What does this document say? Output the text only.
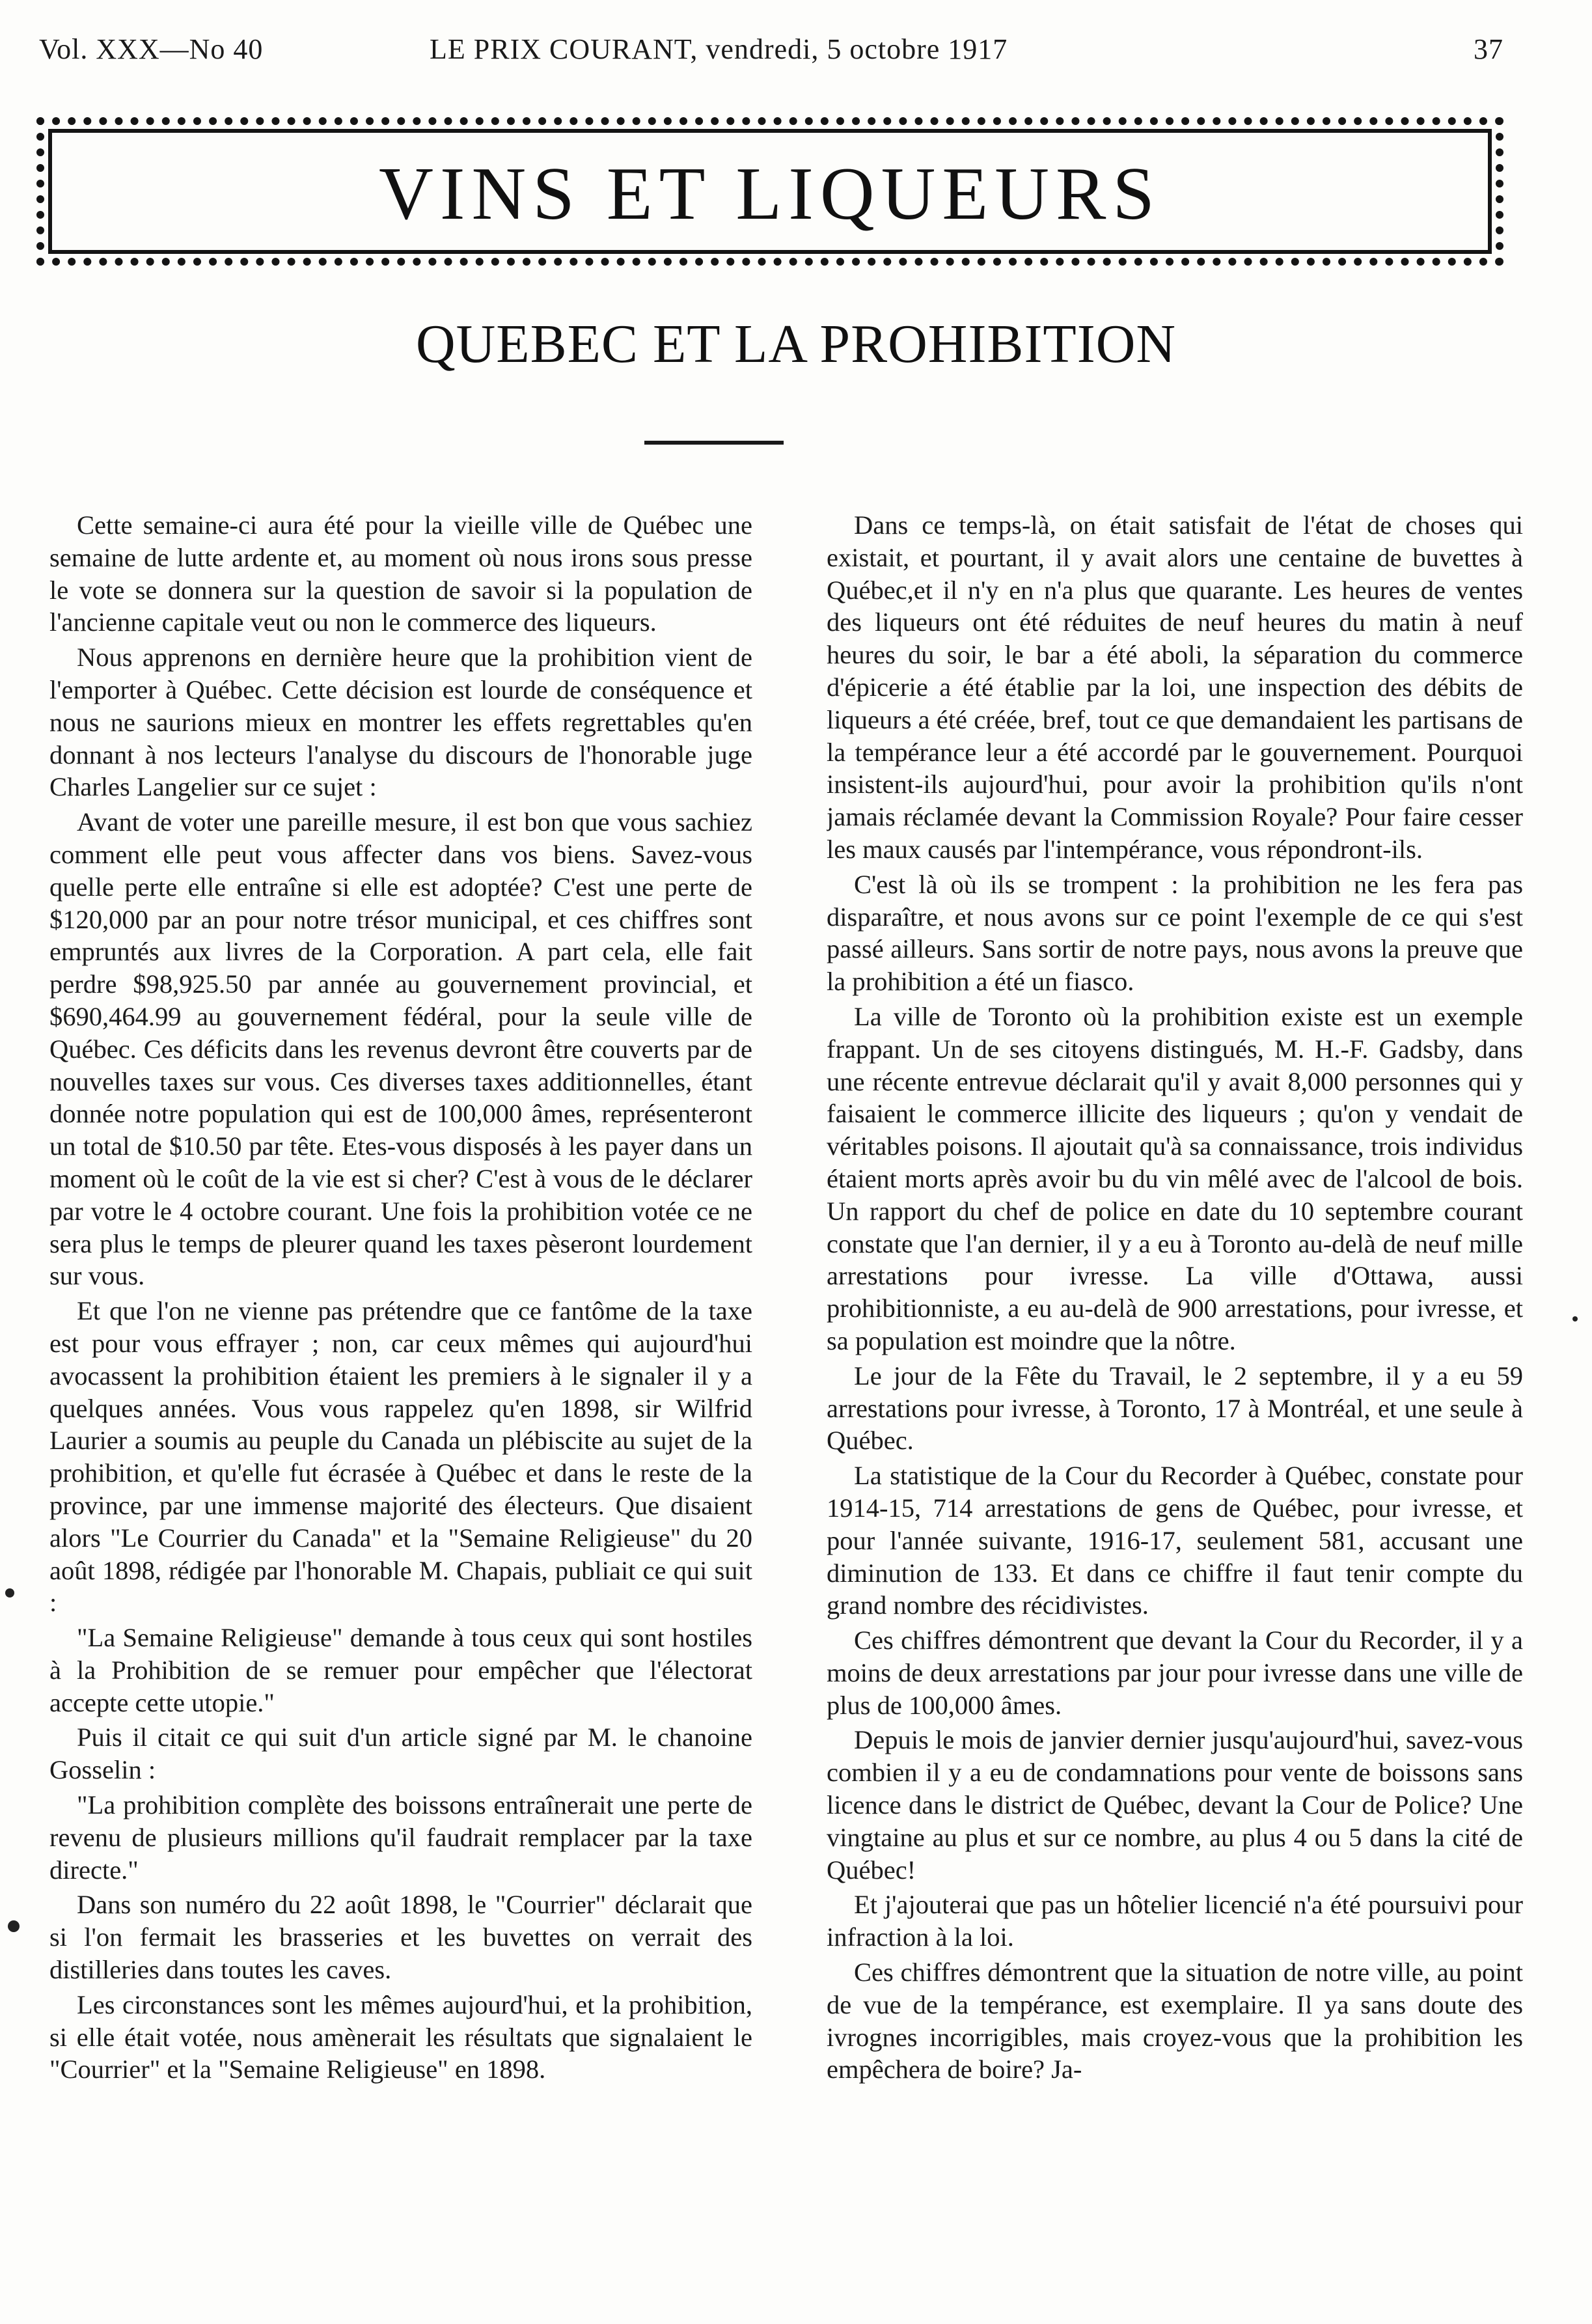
Vol. XXX—No 40	LE PRIX COURANT, vendredi, 5 octobre 1917	37
VINS ET LIQUEURS
QUEBEC ET LA PROHIBITION

Cette semaine-ci aura été pour la vieille ville de Québec une semaine de lutte ardente et, au moment où nous irons sous presse le vote se donnera sur la question de savoir si la population de l'ancienne capitale veut ou non le commerce des liqueurs.

Nous apprenons en dernière heure que la prohibition vient de l'emporter à Québec. Cette décision est lourde de conséquence et nous ne saurions mieux en montrer les effets regrettables qu'en donnant à nos lecteurs l'analyse du discours de l'honorable juge Charles Langelier sur ce sujet :

Avant de voter une pareille mesure, il est bon que vous sachiez comment elle peut vous affecter dans vos biens. Savez-vous quelle perte elle entraîne si elle est adoptée? C'est une perte de $120,000 par an pour notre trésor municipal, et ces chiffres sont empruntés aux livres de la Corporation. A part cela, elle fait perdre $98,925.50 par année au gouvernement provincial, et $690,464.99 au gouvernement fédéral, pour la seule ville de Québec. Ces déficits dans les revenus devront être couverts par de nouvelles taxes sur vous. Ces diverses taxes additionnelles, étant donnée notre population qui est de 100,000 âmes, représenteront un total de $10.50 par tête. Etes-vous disposés à les payer dans un moment où le coût de la vie est si cher? C'est à vous de le déclarer par votre le 4 octobre courant. Une fois la prohibition votée ce ne sera plus le temps de pleurer quand les taxes pèseront lourdement sur vous.

Et que l'on ne vienne pas prétendre que ce fantôme de la taxe est pour vous effrayer ; non, car ceux mêmes qui aujourd'hui avocassent la prohibition étaient les premiers à le signaler il y a quelques années. Vous vous rappelez qu'en 1898, sir Wilfrid Laurier a soumis au peuple du Canada un plébiscite au sujet de la prohibition, et qu'elle fut écrasée à Québec et dans le reste de la province, par une immense majorité des électeurs. Que disaient alors "Le Courrier du Canada" et la "Semaine Religieuse" du 20 août 1898, rédigée par l'honorable M. Chapais, publiait ce qui suit :

"La Semaine Religieuse" demande à tous ceux qui sont hostiles à la Prohibition de se remuer pour empêcher que l'électorat accepte cette utopie."

Puis il citait ce qui suit d'un article signé par M. le chanoine Gosselin :

"La prohibition complète des boissons entraînerait une perte de revenu de plusieurs millions qu'il faudrait remplacer par la taxe directe."

Dans son numéro du 22 août 1898, le "Courrier" déclarait que si l'on fermait les brasseries et les buvettes on verrait des distilleries dans toutes les caves.

Les circonstances sont les mêmes aujourd'hui, et la prohibition, si elle était votée, nous amènerait les résultats que signalaient le "Courrier" et la "Semaine Religieuse" en 1898.

Dans ce temps-là, on était satisfait de l'état de choses qui existait, et pourtant, il y avait alors une centaine de buvettes à Québec,et il n'y en n'a plus que quarante. Les heures de ventes des liqueurs ont été réduites de neuf heures du matin à neuf heures du soir, le bar a été aboli, la séparation du commerce d'épicerie a été établie par la loi, une inspection des débits de liqueurs a été créée, bref, tout ce que demandaient les partisans de la tempérance leur a été accordé par le gouvernement. Pourquoi insistent-ils aujourd'hui, pour avoir la prohibition qu'ils n'ont jamais réclamée devant la Commission Royale? Pour faire cesser les maux causés par l'intempérance, vous répondront-ils.

C'est là où ils se trompent : la prohibition ne les fera pas disparaître, et nous avons sur ce point l'exemple de ce qui s'est passé ailleurs. Sans sortir de notre pays, nous avons la preuve que la prohibition a été un fiasco.

La ville de Toronto où la prohibition existe est un exemple frappant. Un de ses citoyens distingués, M. H.-F. Gadsby, dans une récente entrevue déclarait qu'il y avait 8,000 personnes qui y faisaient le commerce illicite des liqueurs ; qu'on y vendait de véritables poisons. Il ajoutait qu'à sa connaissance, trois individus étaient morts après avoir bu du vin mêlé avec de l'alcool de bois. Un rapport du chef de police en date du 10 septembre courant constate que l'an dernier, il y a eu à Toronto au-delà de neuf mille arrestations pour ivresse. La ville d'Ottawa, aussi prohibitionniste, a eu au-delà de 900 arrestations, pour ivresse, et sa population est moindre que la nôtre.

Le jour de la Fête du Travail, le 2 septembre, il y a eu 59 arrestations pour ivresse, à Toronto, 17 à Montréal, et une seule à Québec.

La statistique de la Cour du Recorder à Québec, constate pour 1914-15, 714 arrestations de gens de Québec, pour ivresse, et pour l'année suivante, 1916-17, seulement 581, accusant une diminution de 133. Et dans ce chiffre il faut tenir compte du grand nombre des récidivistes.

Ces chiffres démontrent que devant la Cour du Recorder, il y a moins de deux arrestations par jour pour ivresse dans une ville de plus de 100,000 âmes.

Depuis le mois de janvier dernier jusqu'aujourd'hui, savez-vous combien il y a eu de condamnations pour vente de boissons sans licence dans le district de Québec, devant la Cour de Police? Une vingtaine au plus et sur ce nombre, au plus 4 ou 5 dans la cité de Québec!

Et j'ajouterai que pas un hôtelier licencié n'a été poursuivi pour infraction à la loi.

Ces chiffres démontrent que la situation de notre ville, au point de vue de la tempérance, est exemplaire. Il ya sans doute des ivrognes incorrigibles, mais croyez-vous que la prohibition les empêchera de boire? Ja-
